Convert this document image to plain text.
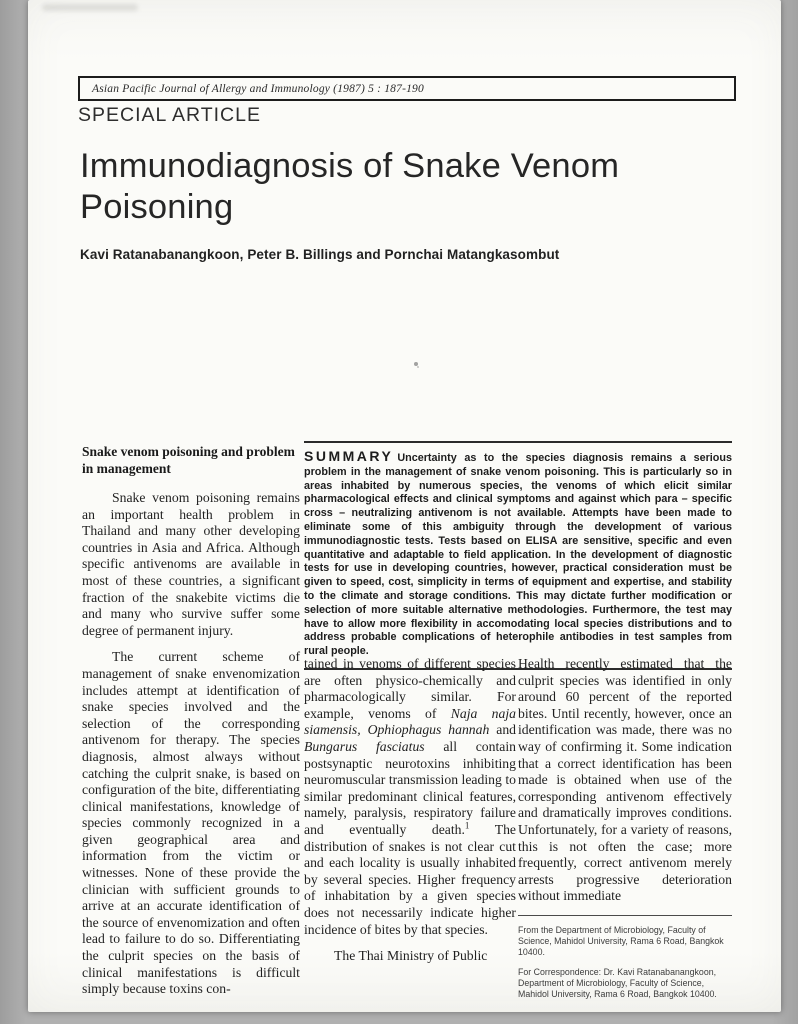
Asian Pacific Journal of Allergy and Immunology (1987) 5 : 187-190
SPECIAL ARTICLE
Immunodiagnosis of Snake Venom Poisoning
Kavi Ratanabanangkoon, Peter B. Billings and Pornchai Matangkasombut
Snake venom poisoning and problem in management

Snake venom poisoning remains an important health problem in Thailand and many other developing countries in Asia and Africa. Although specific antivenoms are available in most of these countries, a significant fraction of the snakebite victims die and many who survive suffer some degree of permanent injury.

The current scheme of management of snake envenomization includes attempt at identification of snake species involved and the selection of the corresponding antivenom for therapy. The species diagnosis, almost always without catching the culprit snake, is based on configuration of the bite, differentiating clinical manifestations, knowledge of species commonly recognized in a given geographical area and information from the victim or witnesses. None of these provide the clinician with sufficient grounds to arrive at an accurate identification of the source of envenomization and often lead to failure to do so. Differentiating the culprit species on the basis of clinical manifestations is difficult simply because toxins con-

SUMMARY Uncertainty as to the species diagnosis remains a serious problem in the management of snake venom poisoning. This is particularly so in areas inhabited by numerous species, the venoms of which elicit similar pharmacological effects and clinical symptoms and against which para – specific cross – neutralizing antivenom is not available. Attempts have been made to eliminate some of this ambiguity through the development of various immunodiagnostic tests. Tests based on ELISA are sensitive, specific and even quantitative and adaptable to field application. In the development of diagnostic tests for use in developing countries, however, practical consideration must be given to speed, cost, simplicity in terms of equipment and expertise, and stability to the climate and storage conditions. This may dictate further modification or selection of more suitable alternative methodologies. Furthermore, the test may have to allow more flexibility in accomodating local species distributions and to address probable complications of heterophile antibodies in test samples from rural people.

tained in venoms of different species are often physico-chemically and pharmacologically similar. For example, venoms of Naja naja siamensis, Ophiophagus hannah and Bungarus fasciatus all contain postsynaptic neurotoxins inhibiting neuromuscular transmission leading to similar predominant clinical features, namely, paralysis, respiratory failure and eventually death.$^1$ The distribution of snakes is not clear cut and each locality is usually inhabited by several species. Higher frequency of inhabitation by a given species does not necessarily indicate higher incidence of bites by that species.

The Thai Ministry of Public

Health recently estimated that the culprit species was identified in only around 60 percent of the reported bites. Until recently, however, once an identification was made, there was no way of confirming it. Some indication that a correct identification has been made is obtained when use of the corresponding antivenom effectively and dramatically improves conditions. Unfortunately, for a variety of reasons, this is not often the case; more frequently, correct antivenom merely arrests progressive deterioration without immediate

From the Department of Microbiology, Faculty of Science, Mahidol University, Rama 6 Road, Bangkok 10400.

For Correspondence: Dr. Kavi Ratanabanangkoon, Department of Microbiology, Faculty of Science, Mahidol University, Rama 6 Road, Bangkok 10400.
